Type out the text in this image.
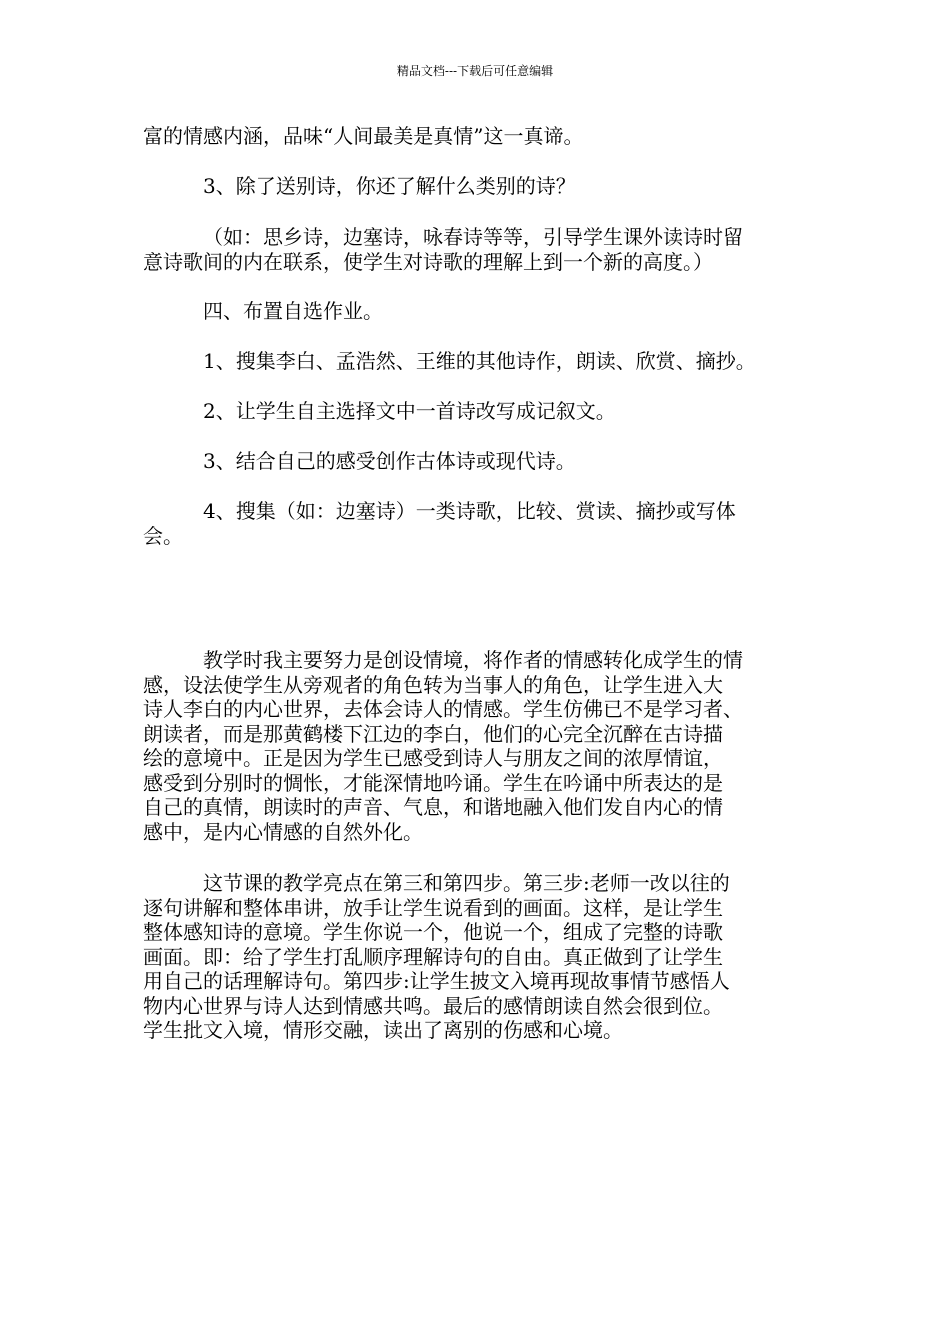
精品文档---下载后可任意编辑

富的情感内涵，品味“人间最美是真情”这一真谛。

3、除了送别诗，你还了解什么类别的诗？

（如：思乡诗，边塞诗，咏春诗等等，引导学生课外读诗时留
意诗歌间的内在联系，使学生对诗歌的理解上到一个新的高度。）

四、布置自选作业。

1、搜集李白、孟浩然、王维的其他诗作，朗读、欣赏、摘抄。

2、让学生自主选择文中一首诗改写成记叙文。

3、结合自己的感受创作古体诗或现代诗。

4、搜集（如：边塞诗）一类诗歌，比较、赏读、摘抄或写体
会。

教学时我主要努力是创设情境，将作者的情感转化成学生的情
感，设法使学生从旁观者的角色转为当事人的角色，让学生进入大
诗人李白的内心世界，去体会诗人的情感。学生仿佛已不是学习者、
朗读者，而是那黄鹤楼下江边的李白，他们的心完全沉醉在古诗描
绘的意境中。正是因为学生已感受到诗人与朋友之间的浓厚情谊，
感受到分别时的惆怅，才能深情地吟诵。学生在吟诵中所表达的是
自己的真情，朗读时的声音、气息，和谐地融入他们发自内心的情
感中，是内心情感的自然外化。

这节课的教学亮点在第三和第四步。第三步:老师一改以往的
逐句讲解和整体串讲，放手让学生说看到的画面。这样，是让学生
整体感知诗的意境。学生你说一个，他说一个，组成了完整的诗歌
画面。即：给了学生打乱顺序理解诗句的自由。真正做到了让学生
用自己的话理解诗句。第四步:让学生披文入境再现故事情节感悟人
物内心世界与诗人达到情感共鸣。最后的感情朗读自然会很到位。
学生批文入境，情形交融，读出了离别的伤感和心境。
